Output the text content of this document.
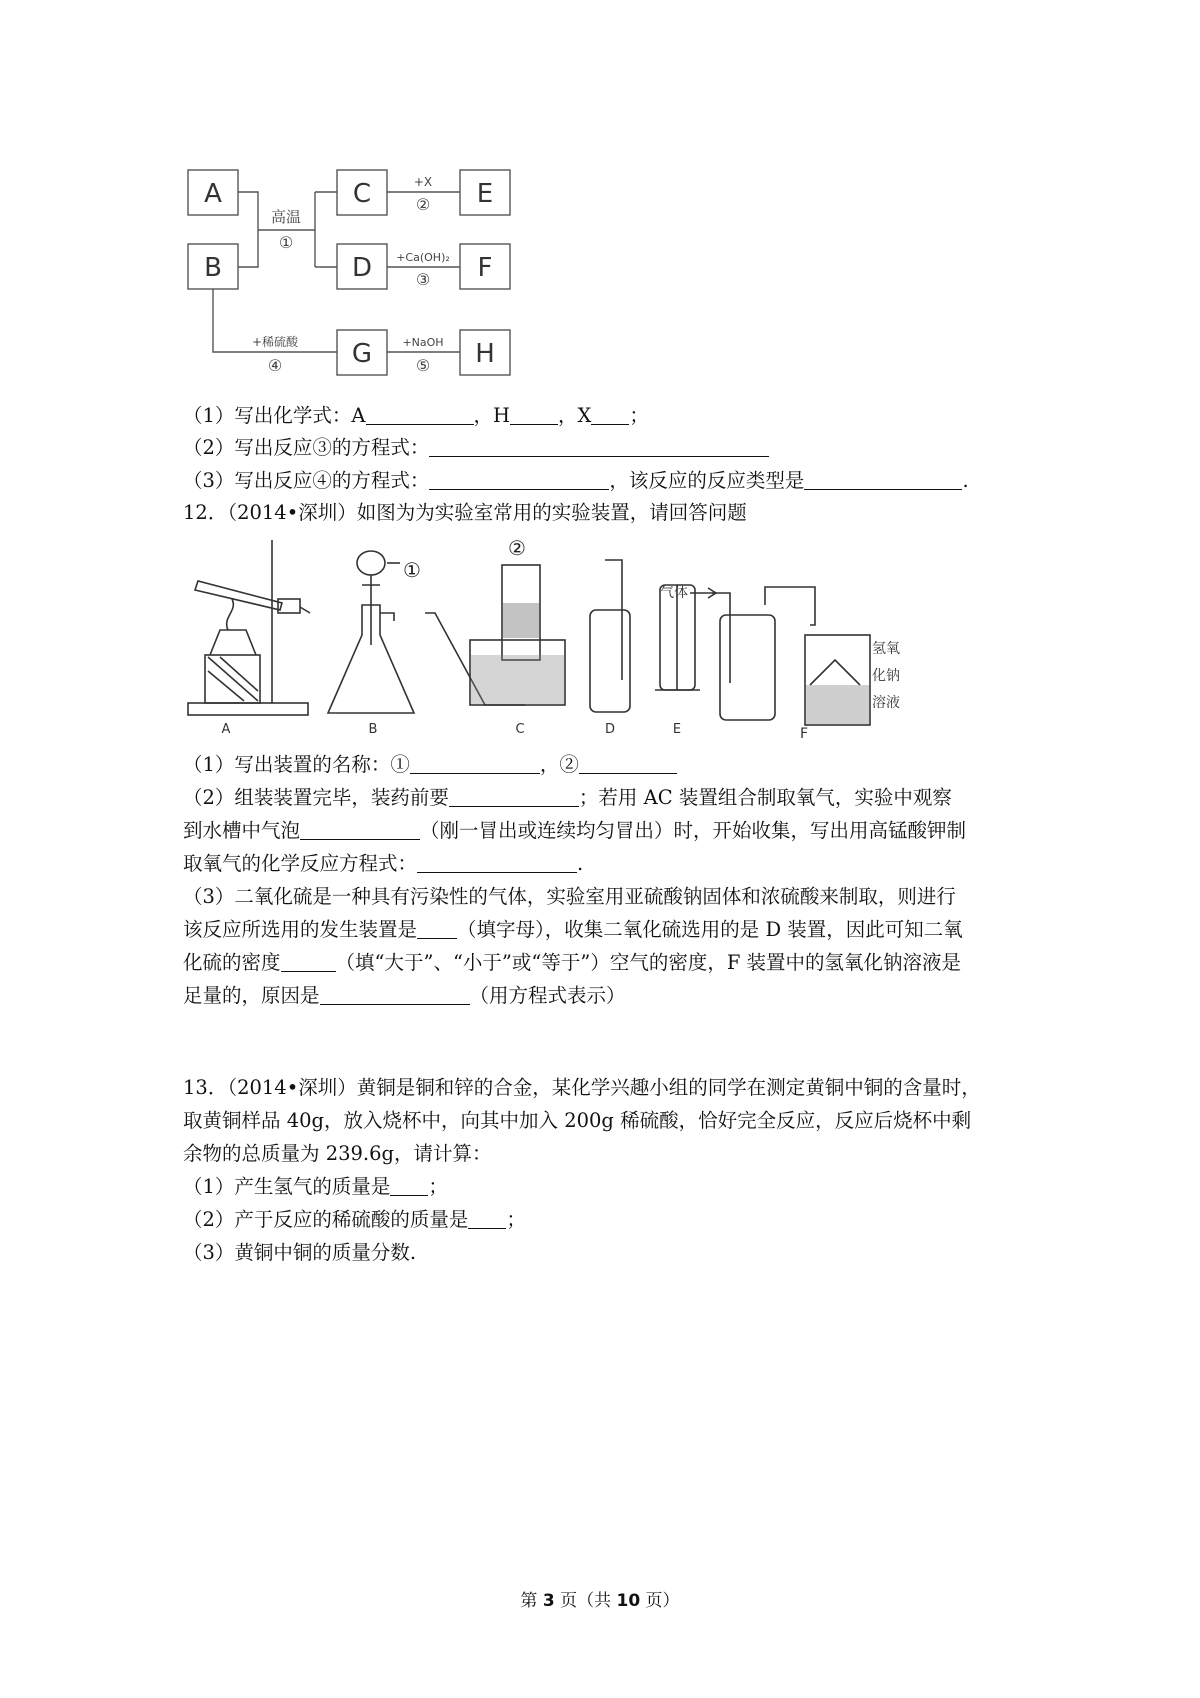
A
B
C
D
E
F
G	H
高温
①
+X
②
+Ca(OH)₂
③
+稀硫酸
④
+NaOH
⑤
（1）写出化学式：A	，H ，X ；
（2）写出反应③的方程式：
（3）写出反应④的方程式：	，该反应的反应类型是	.
12．（2014•深圳）如图为为实验室常用的实验装置，请回答问题
A	B	C	D	E
①
②
气体
氢氧
化钠
溶液
F
（1）写出装置的名称：①	，②
（2）组装装置完毕，装药前要	；若用 AC 装置组合制取氧气，实验中观察
到水槽中气泡	（刚一冒出或连续均匀冒出）时，开始收集，写出用高锰酸钾制
取氧气的化学反应方程式：	.
（3）二氧化硫是一种具有污染性的气体，实验室用亚硫酸钠固体和浓硫酸来制取，则进行
该反应所选用的发生装置是 （填字母），收集二氧化硫选用的是 D 装置，因此可知二氧
化硫的密度	（填“大于”、“小于”或“等于”）空气的密度，F 装置中的氢氧化钠溶液是
足量的，原因是	（用方程式表示）
13．（2014•深圳）黄铜是铜和锌的合金，某化学兴趣小组的同学在测定黄铜中铜的含量时，
取黄铜样品 40g，放入烧杯中，向其中加入 200g 稀硫酸，恰好完全反应，反应后烧杯中剩
余物的总质量为 239.6g，请计算：
（1）产生氢气的质量是 ；
（2）产于反应的稀硫酸的质量是 ；
（3）黄铜中铜的质量分数.
第 3 页（共 10 页）
